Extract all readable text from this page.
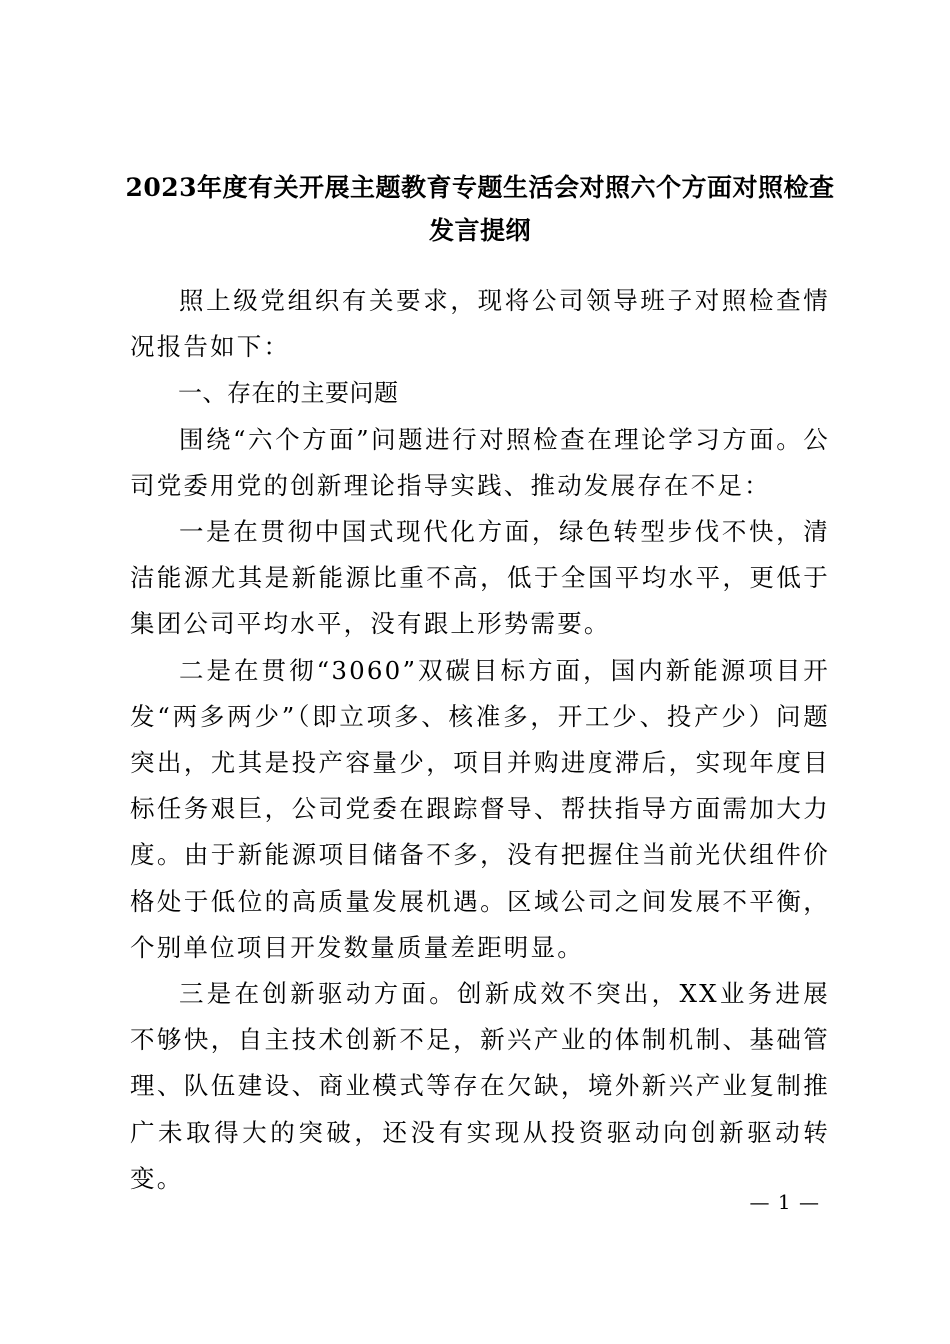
2023年度有关开展主题教育专题生活会对照六个方面对照检查发言提纲

照上级党组织有关要求，现将公司领导班子对照检查情况报告如下：

一、存在的主要问题

围绕“六个方面”问题进行对照检查在理论学习方面。公司党委用党的创新理论指导实践、推动发展存在不足：

一是在贯彻中国式现代化方面，绿色转型步伐不快，清洁能源尤其是新能源比重不高，低于全国平均水平，更低于集团公司平均水平，没有跟上形势需要。

二是在贯彻“3060”双碳目标方面，国内新能源项目开发“两多两少”（即立项多、核准多，开工少、投产少）问题突出，尤其是投产容量少，项目并购进度滞后，实现年度目标任务艰巨，公司党委在跟踪督导、帮扶指导方面需加大力度。由于新能源项目储备不多，没有把握住当前光伏组件价格处于低位的高质量发展机遇。区域公司之间发展不平衡，个别单位项目开发数量质量差距明显。

三是在创新驱动方面。创新成效不突出，XX业务进展不够快，自主技术创新不足，新兴产业的体制机制、基础管理、队伍建设、商业模式等存在欠缺，境外新兴产业复制推广未取得大的突破，还没有实现从投资驱动向创新驱动转变。

— 1 —
